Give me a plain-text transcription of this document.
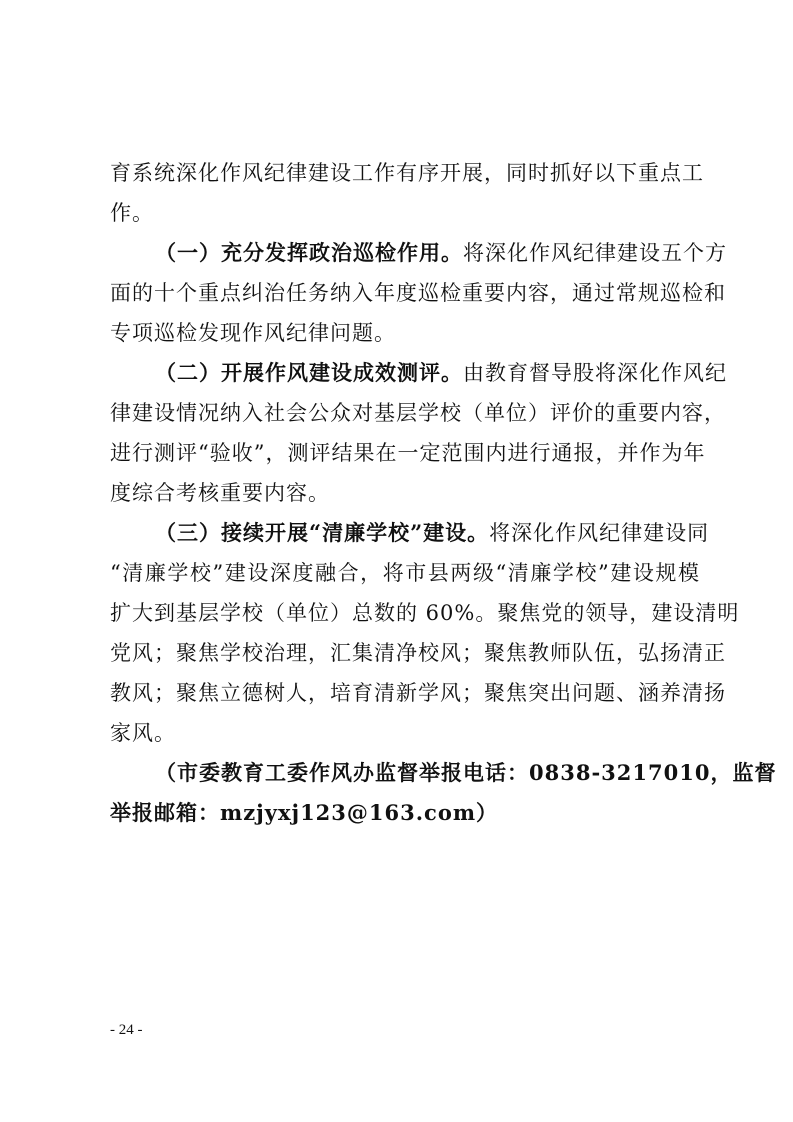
育系统深化作风纪律建设工作有序开展，同时抓好以下重点工
作。
（一）充分发挥政治巡检作用。将深化作风纪律建设五个方
面的十个重点纠治任务纳入年度巡检重要内容，通过常规巡检和
专项巡检发现作风纪律问题。
（二）开展作风建设成效测评。由教育督导股将深化作风纪
律建设情况纳入社会公众对基层学校（单位）评价的重要内容，
进行测评“验收”，测评结果在一定范围内进行通报，并作为年
度综合考核重要内容。
（三）接续开展“清廉学校”建设。将深化作风纪律建设同
“清廉学校”建设深度融合，将市县两级“清廉学校”建设规模
扩大到基层学校（单位）总数的 60%。聚焦党的领导，建设清明
党风；聚焦学校治理，汇集清净校风；聚焦教师队伍，弘扬清正
教风；聚焦立德树人，培育清新学风；聚焦突出问题、涵养清扬
家风。
（市委教育工委作风办监督举报电话：0838-3217010，监督
举报邮箱：mzjyxj123@163.com）
- 24 -
